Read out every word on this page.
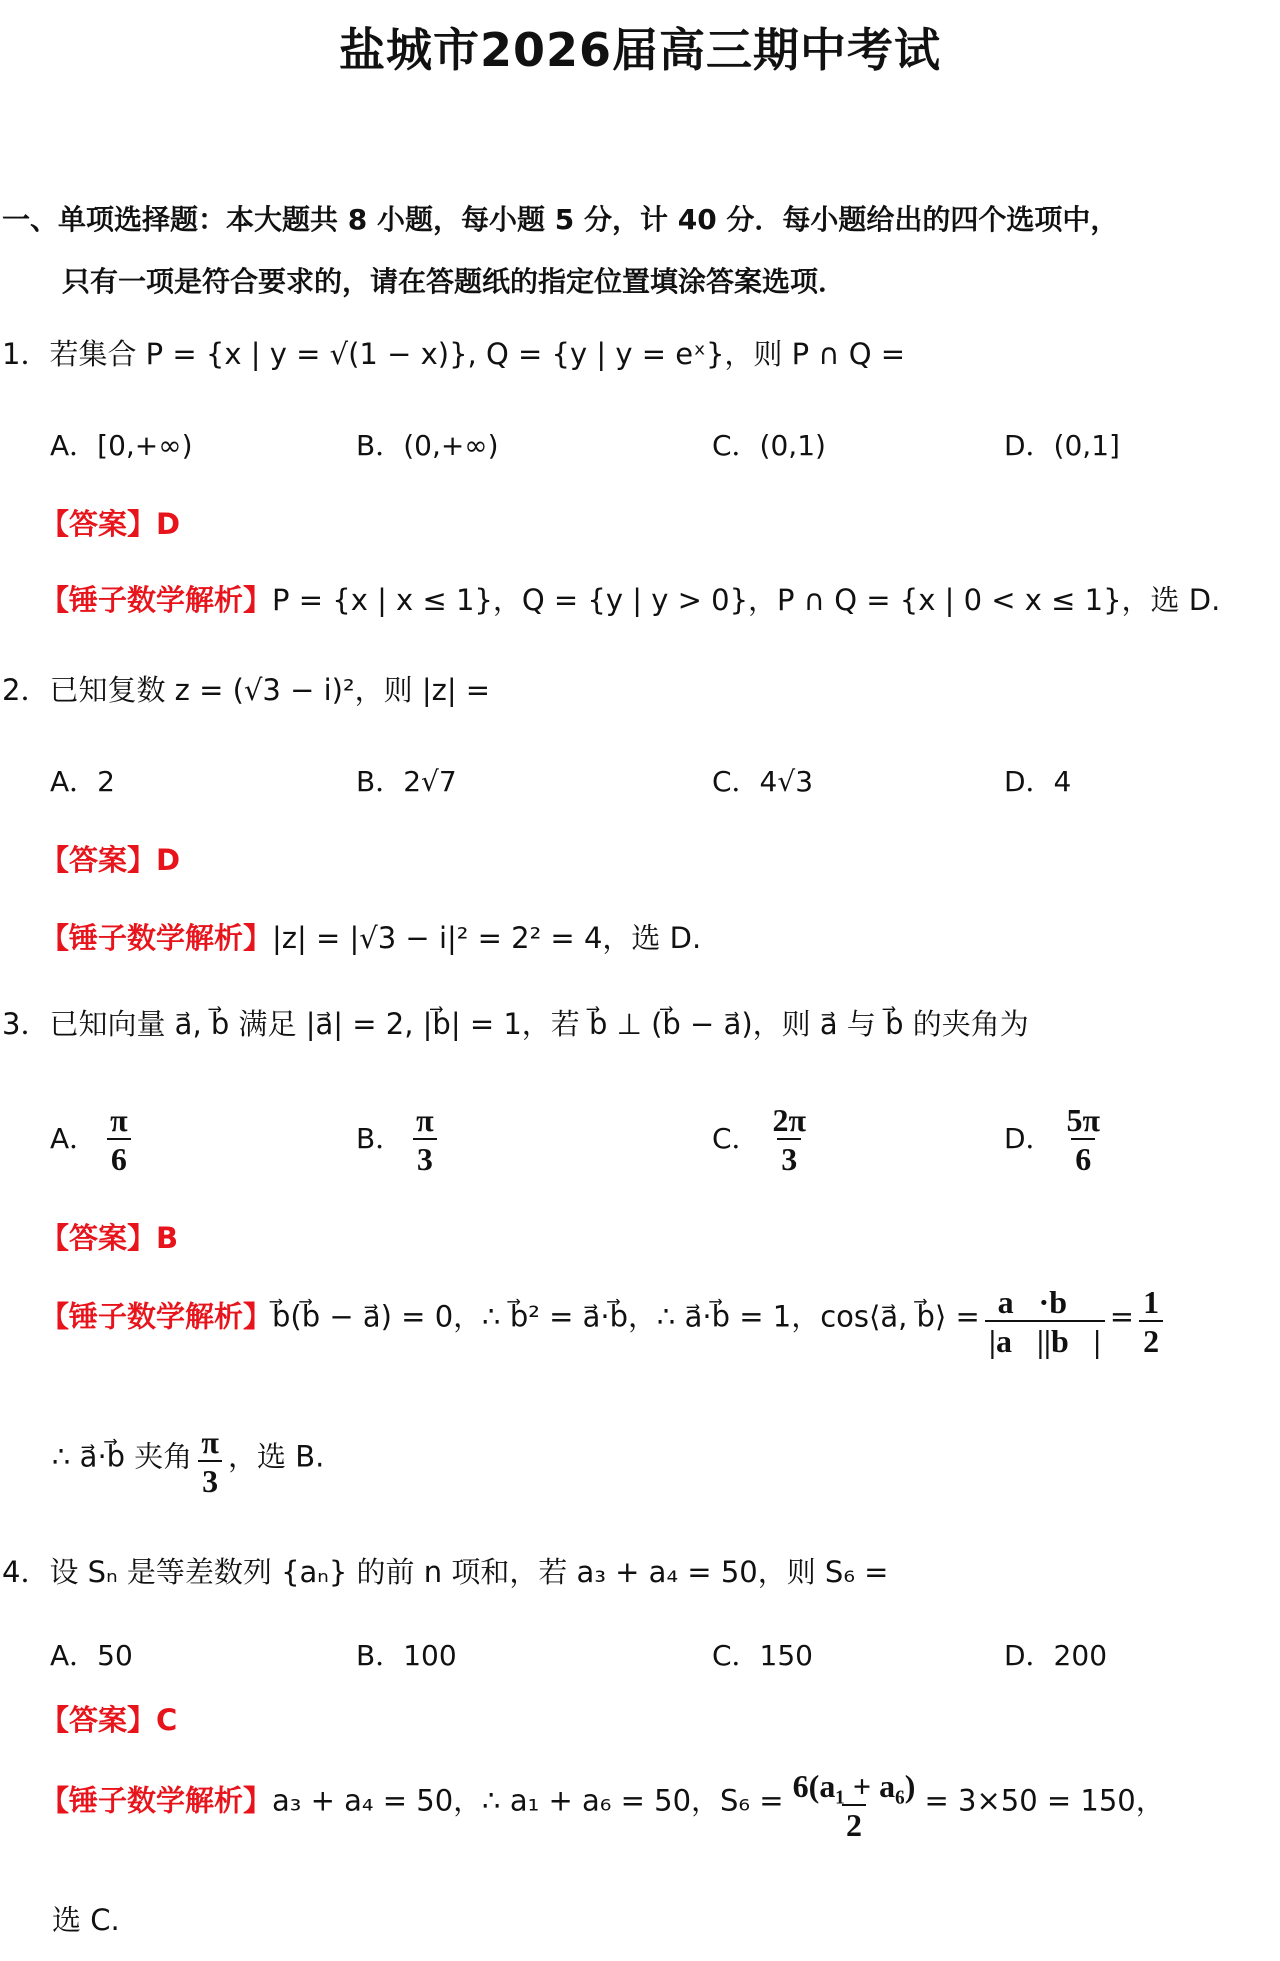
盐城市2026届高三期中考试
一、单项选择题：本大题共 8 小题，每小题 5 分，计 40 分．每小题给出的四个选项中，
只有一项是符合要求的，请在答题纸的指定位置填涂答案选项．
1．若集合 P = {x | y = √(1 − x)}, Q = {y | y = eˣ}，则 P ∩ Q =
A．[0,+∞)	B．(0,+∞)	C．(0,1)	D．(0,1]
【答案】D
【锤子数学解析】P = {x | x ≤ 1}，Q = {y | y > 0}，P ∩ Q = {x | 0 < x ≤ 1}，选 D.
2．已知复数 z = (√3 − i)²，则 |z| =
A．2	B．2√7	C．4√3	D．4
【答案】D
【锤子数学解析】|z| = |√3 − i|² = 2² = 4，选 D.
3．已知向量 a⃗, b⃗ 满足 |a⃗| = 2, |b⃗| = 1，若 b⃗ ⊥ (b⃗ − a⃗)，则 a⃗ 与 b⃗ 的夹角为
A． $\frac{\pi}{6}$	B． $\frac{\pi}{3}$	C． $\frac{2\pi}{3}$	D． $\frac{5\pi}{6}$
【答案】B
【锤子数学解析】b⃗(b⃗ − a⃗) = 0，∴ b⃗² = a⃗·b⃗，∴ a⃗·b⃗ = 1，cos⟨a⃗, b⃗⟩ = $\frac{a⃗\cdot b⃗}{|a⃗||b⃗|} = \frac{1}{2}$
∴ a⃗·b⃗ 夹角 $\frac{\pi}{3}$ ，选 B.
4．设 Sₙ 是等差数列 {aₙ} 的前 n 项和，若 a₃ + a₄ = 50，则 S₆ =
A．50	B．100	C．150	D．200
【答案】C
【锤子数学解析】a₃ + a₄ = 50，∴ a₁ + a₆ = 50，$S_6 = \frac{\text{6(a₁ + a₆)}}{2} = 3\times 50 = 150$，
选 C.
